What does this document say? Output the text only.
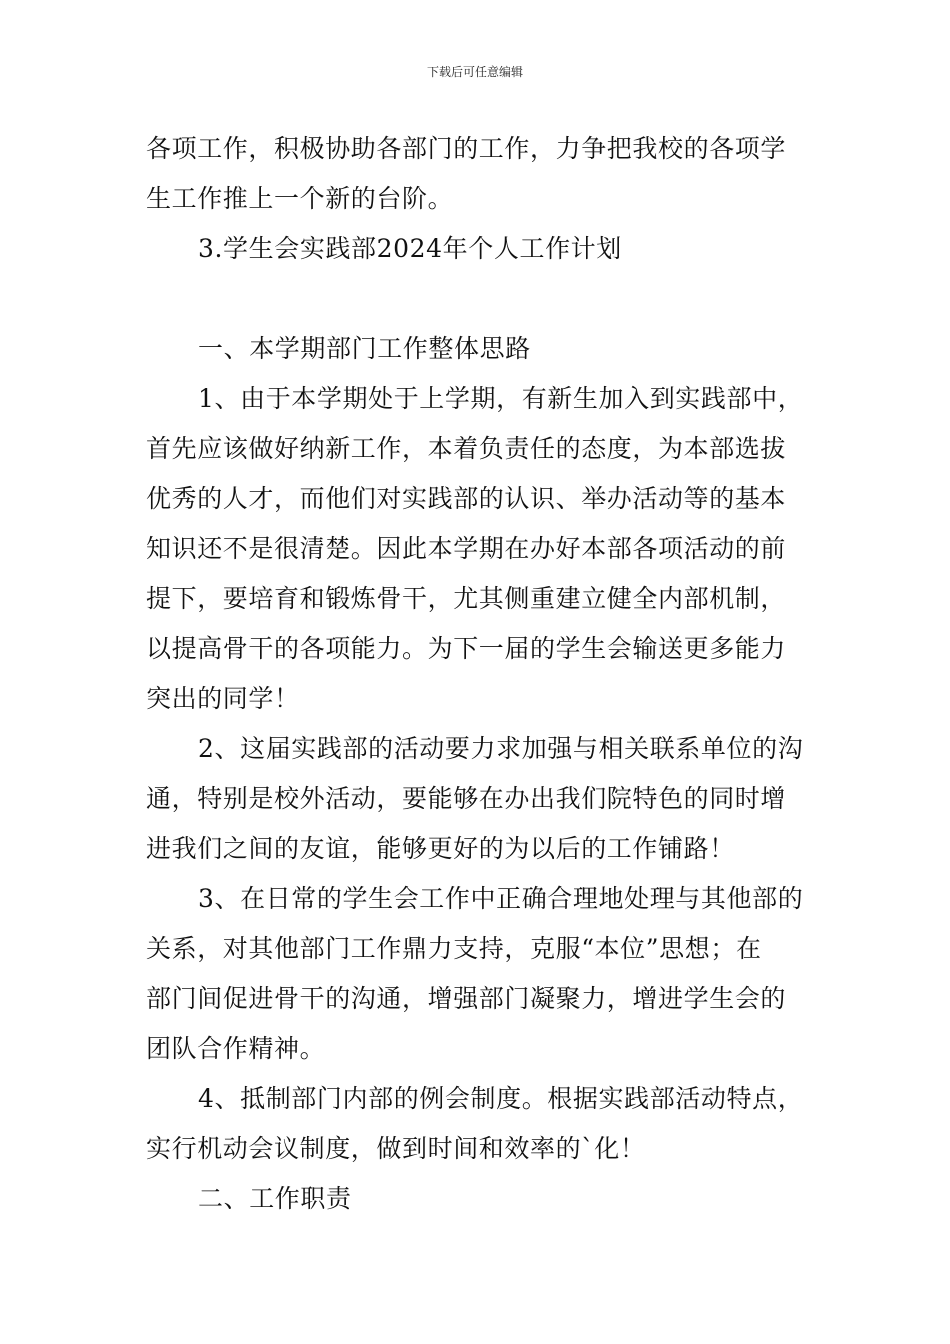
下载后可任意编辑
各项工作，积极协助各部门的工作，力争把我校的各项学
生工作推上一个新的台阶。
3.学生会实践部2024年个人工作计划
一、本学期部门工作整体思路
1、由于本学期处于上学期，有新生加入到实践部中，
首先应该做好纳新工作，本着负责任的态度，为本部选拔
优秀的人才，而他们对实践部的认识、举办活动等的基本
知识还不是很清楚。因此本学期在办好本部各项活动的前
提下，要培育和锻炼骨干，尤其侧重建立健全内部机制，
以提高骨干的各项能力。为下一届的学生会输送更多能力
突出的同学！
2、这届实践部的活动要力求加强与相关联系单位的沟
通，特别是校外活动，要能够在办出我们院特色的同时增
进我们之间的友谊，能够更好的为以后的工作铺路！
3、在日常的学生会工作中正确合理地处理与其他部的
关系，对其他部门工作鼎力支持，克服“本位”思想；在
部门间促进骨干的沟通，增强部门凝聚力，增进学生会的
团队合作精神。
4、抵制部门内部的例会制度。根据实践部活动特点，
实行机动会议制度，做到时间和效率的`化！
二、工作职责
